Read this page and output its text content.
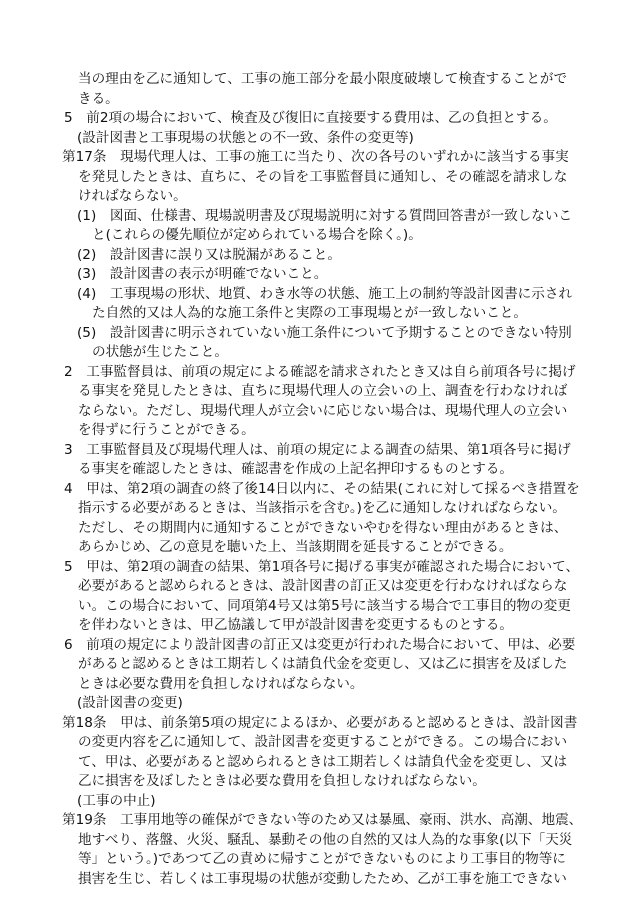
当の理由を乙に通知して、工事の施工部分を最小限度破壊して検査することがで
きる。
5　前2項の場合において、検査及び復旧に直接要する費用は、乙の負担とする。
(設計図書と工事現場の状態との不一致、条件の変更等)
第17条　現場代理人は、工事の施工に当たり、次の各号のいずれかに該当する事実
を発見したときは、直ちに、その旨を工事監督員に通知し、その確認を請求しな
ければならない。
(1)　図面、仕様書、現場説明書及び現場説明に対する質問回答書が一致しないこ
と(これらの優先順位が定められている場合を除く。)。
(2)　設計図書に誤り又は脱漏があること。
(3)　設計図書の表示が明確でないこと。
(4)　工事現場の形状、地質、わき水等の状態、施工上の制約等設計図書に示され
た自然的又は人為的な施工条件と実際の工事現場とが一致しないこと。
(5)　設計図書に明示されていない施工条件について予期することのできない特別
の状態が生じたこと。
2　工事監督員は、前項の規定による確認を請求されたとき又は自ら前項各号に掲げ
る事実を発見したときは、直ちに現場代理人の立会いの上、調査を行わなければ
ならない。ただし、現場代理人が立会いに応じない場合は、現場代理人の立会い
を得ずに行うことができる。
3　工事監督員及び現場代理人は、前項の規定による調査の結果、第1項各号に掲げ
る事実を確認したときは、確認書を作成の上記名押印するものとする。
4　甲は、第2項の調査の終了後14日以内に、その結果(これに対して採るべき措置を
指示する必要があるときは、当該指示を含む。)を乙に通知しなければならない。
ただし、その期間内に通知することができないやむを得ない理由があるときは、
あらかじめ、乙の意見を聴いた上、当該期間を延長することができる。
5　甲は、第2項の調査の結果、第1項各号に掲げる事実が確認された場合において、
必要があると認められるときは、設計図書の訂正又は変更を行わなければならな
い。この場合において、同項第4号又は第5号に該当する場合で工事目的物の変更
を伴わないときは、甲乙協議して甲が設計図書を変更するものとする。
6　前項の規定により設計図書の訂正又は変更が行われた場合において、甲は、必要
があると認めるときは工期若しくは請負代金を変更し、又は乙に損害を及ぼした
ときは必要な費用を負担しなければならない。
(設計図書の変更)
第18条　甲は、前条第5項の規定によるほか、必要があると認めるときは、設計図書
の変更内容を乙に通知して、設計図書を変更することができる。この場合におい
て、甲は、必要があると認められるときは工期若しくは請負代金を変更し、又は
乙に損害を及ぼしたときは必要な費用を負担しなければならない。
(工事の中止)
第19条　工事用地等の確保ができない等のため又は暴風、豪雨、洪水、高潮、地震、
地すべり、落盤、火災、騒乱、暴動その他の自然的又は人為的な事象(以下「天災
等」という。)であつて乙の責めに帰すことができないものにより工事目的物等に
損害を生じ、若しくは工事現場の状態が変動したため、乙が工事を施工できない
